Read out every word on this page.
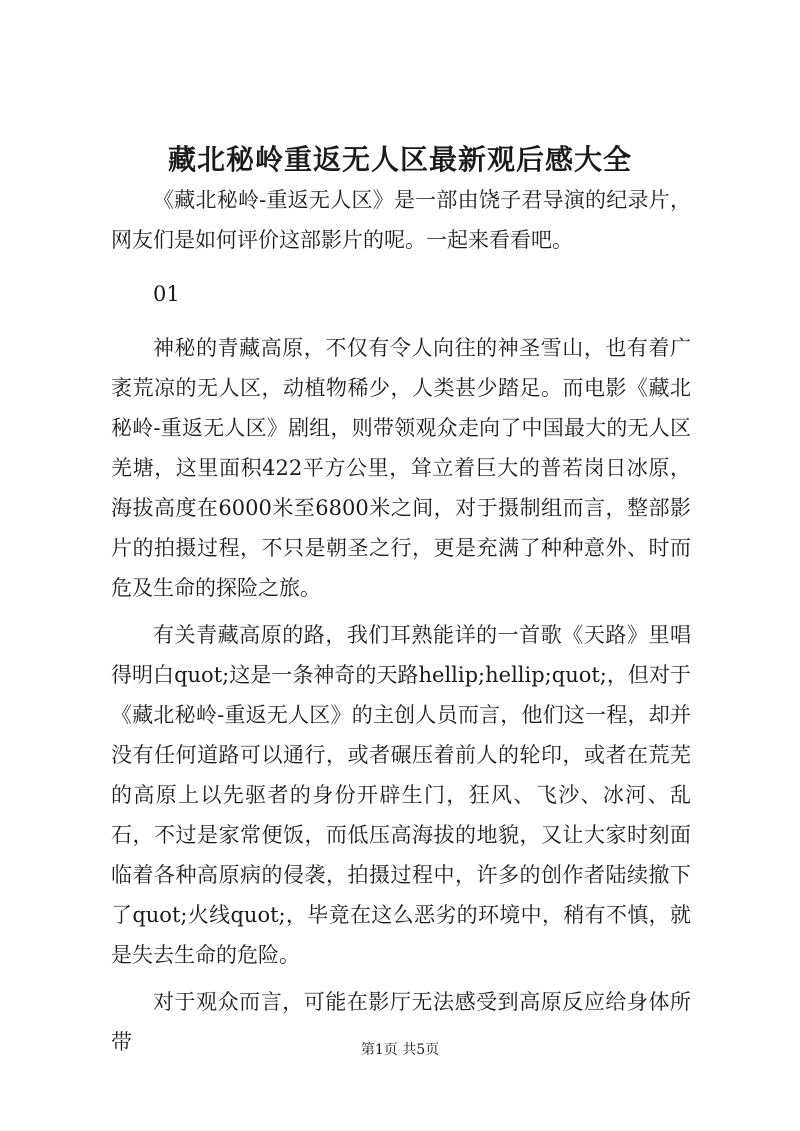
藏北秘岭重返无人区最新观后感大全

《藏北秘岭-重返无人区》是一部由饶子君导演的纪录片，网友们是如何评价这部影片的呢。一起来看看吧。

01

神秘的青藏高原，不仅有令人向往的神圣雪山，也有着广袤荒凉的无人区，动植物稀少，人类甚少踏足。而电影《藏北秘岭-重返无人区》剧组，则带领观众走向了中国最大的无人区羌塘，这里面积422平方公里，耸立着巨大的普若岗日冰原，海拔高度在6000米至6800米之间，对于摄制组而言，整部影片的拍摄过程，不只是朝圣之行，更是充满了种种意外、时而危及生命的探险之旅。

有关青藏高原的路，我们耳熟能详的一首歌《天路》里唱得明白quot;这是一条神奇的天路hellip;hellip;quot;，但对于《藏北秘岭-重返无人区》的主创人员而言，他们这一程，却并没有任何道路可以通行，或者碾压着前人的轮印，或者在荒芜的高原上以先驱者的身份开辟生门，狂风、飞沙、冰河、乱石，不过是家常便饭，而低压高海拔的地貌，又让大家时刻面临着各种高原病的侵袭，拍摄过程中，许多的创作者陆续撤下了quot;火线quot;，毕竟在这么恶劣的环境中，稍有不慎，就是失去生命的危险。

对于观众而言，可能在影厅无法感受到高原反应给身体所带	第1页 共5页
